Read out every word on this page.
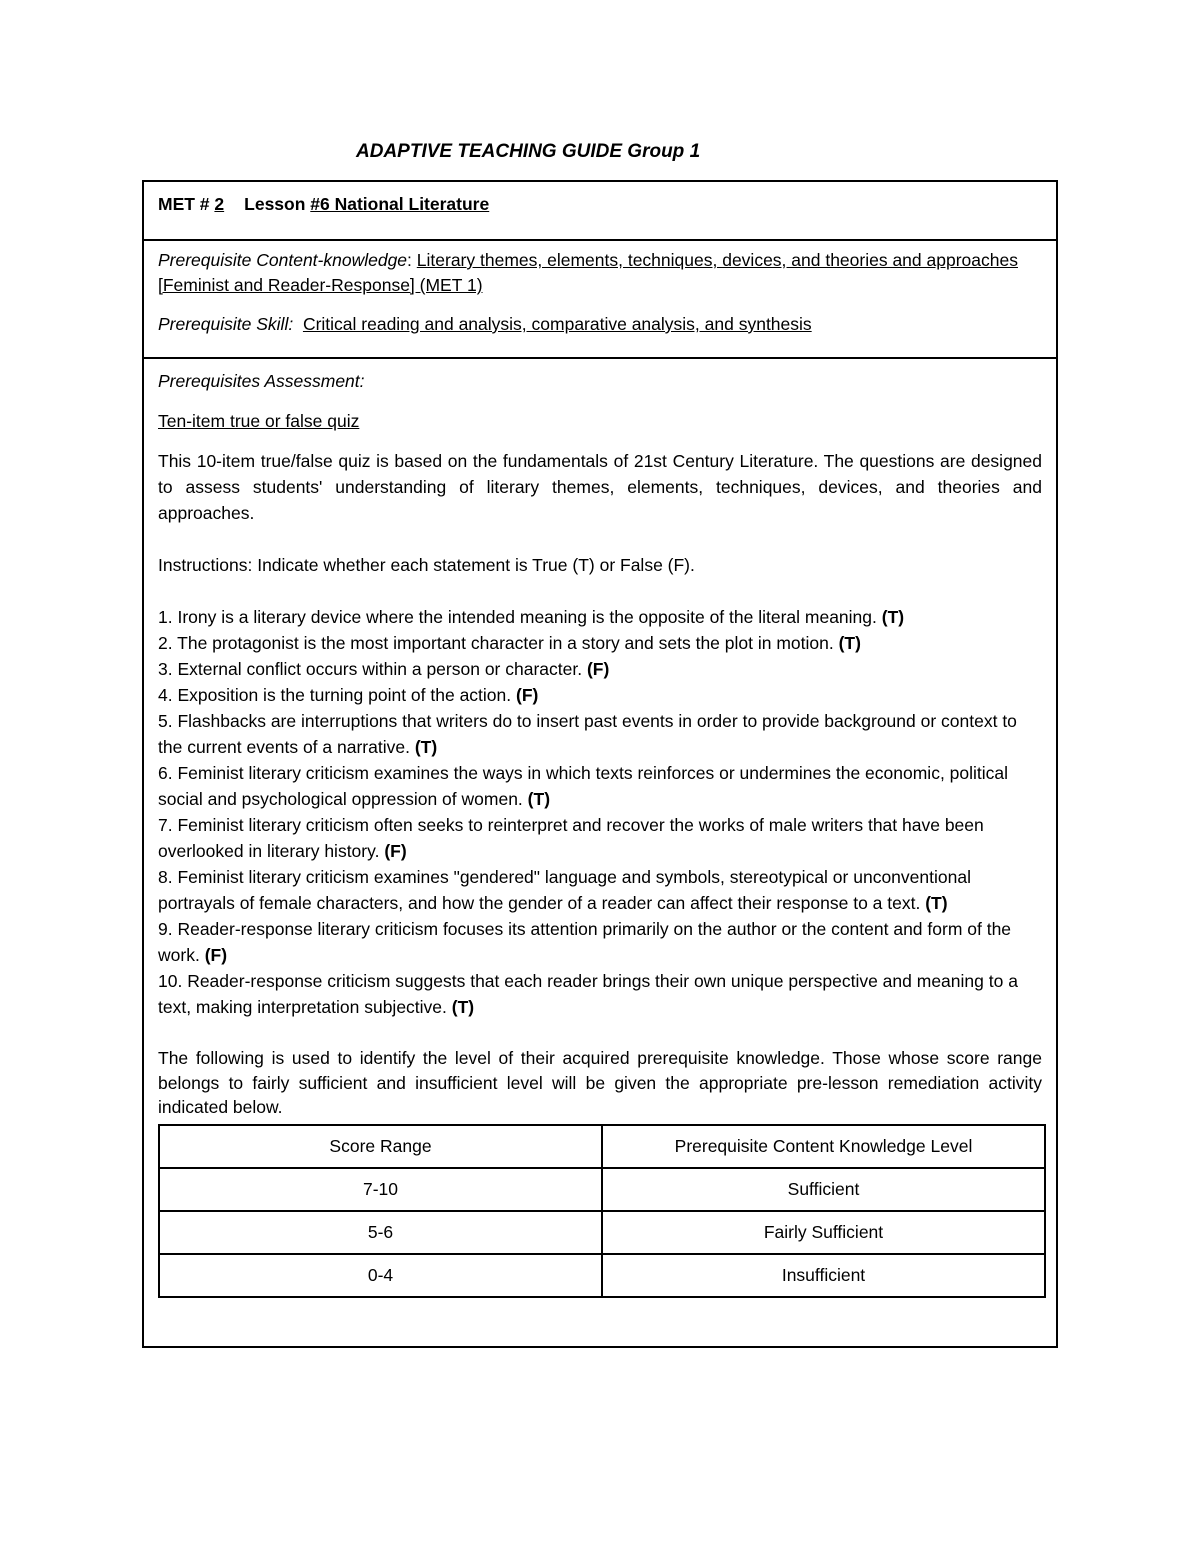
ADAPTIVE TEACHING GUIDE Group 1
MET # 2 Lesson #6 National Literature

Prerequisite Content-knowledge: Literary themes, elements, techniques, devices, and theories and approaches [Feminist and Reader-Response] (MET 1)

Prerequisite Skill: Critical reading and analysis, comparative analysis, and synthesis

Prerequisites Assessment:

Ten-item true or false quiz

This 10-item true/false quiz is based on the fundamentals of 21st Century Literature. The questions are designed to assess students' understanding of literary themes, elements, techniques, devices, and theories and approaches.

Instructions: Indicate whether each statement is True (T) or False (F).

1. Irony is a literary device where the intended meaning is the opposite of the literal meaning. (T)
2. The protagonist is the most important character in a story and sets the plot in motion. (T)
3. External conflict occurs within a person or character. (F)
4. Exposition is the turning point of the action. (F)
5. Flashbacks are interruptions that writers do to insert past events in order to provide background or context to the current events of a narrative. (T)
6. Feminist literary criticism examines the ways in which texts reinforces or undermines the economic, political social and psychological oppression of women. (T)
7. Feminist literary criticism often seeks to reinterpret and recover the works of male writers that have been overlooked in literary history. (F)
8. Feminist literary criticism examines "gendered" language and symbols, stereotypical or unconventional portrayals of female characters, and how the gender of a reader can affect their response to a text. (T)
9. Reader-response literary criticism focuses its attention primarily on the author or the content and form of the work. (F)
10. Reader-response criticism suggests that each reader brings their own unique perspective and meaning to a text, making interpretation subjective. (T)

The following is used to identify the level of their acquired prerequisite knowledge. Those whose score range belongs to fairly sufficient and insufficient level will be given the appropriate pre-lesson remediation activity indicated below.

Score Range	Prerequisite Content Knowledge Level
7-10	Sufficient
5-6	Fairly Sufficient
0-4	Insufficient
